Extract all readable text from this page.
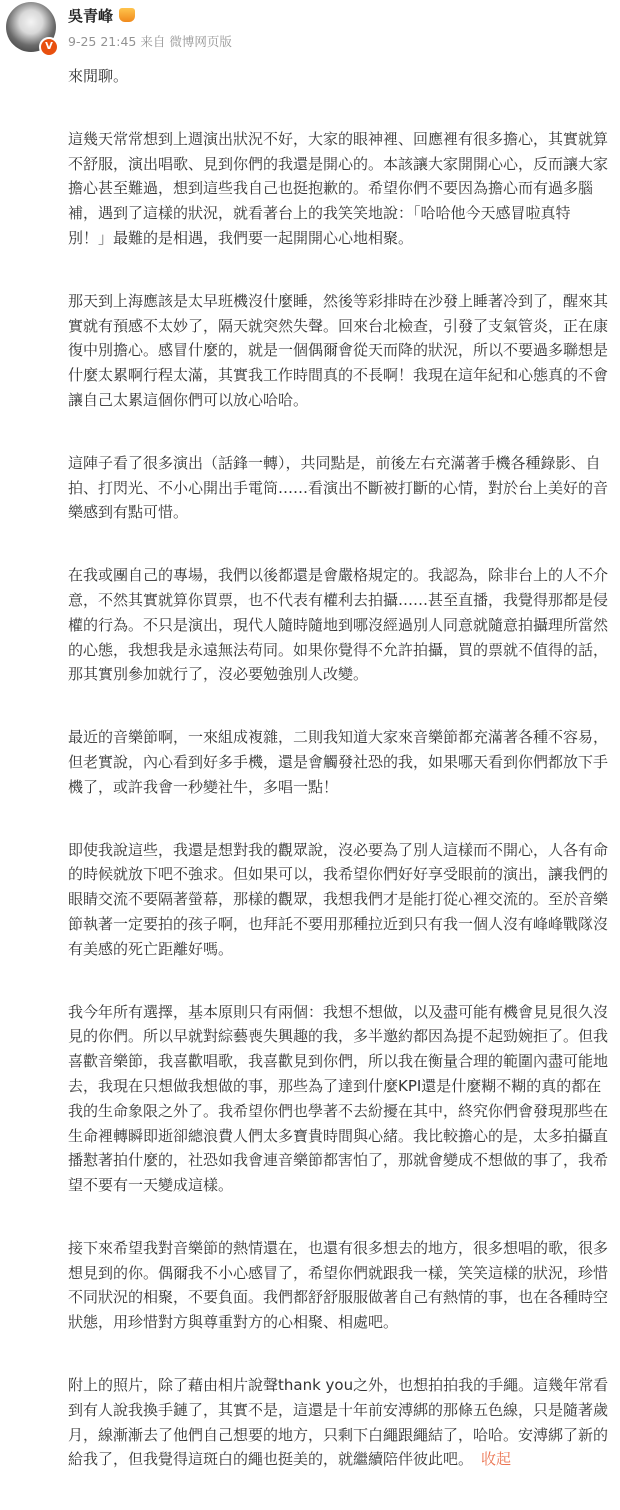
V
吳青峰
9-25 21:45 来自 微博网页版
來閒聊。
這幾天常常想到上週演出狀況不好，大家的眼神裡、回應裡有很多擔心，其實就算
不舒服，演出唱歌、見到你們的我還是開心的。本該讓大家開開心心，反而讓大家
擔心甚至難過，想到這些我自己也挺抱歉的。希望你們不要因為擔心而有過多腦
補，遇到了這樣的狀況，就看著台上的我笑笑地說：「哈哈他今天感冒啦真特
別！」最難的是相遇，我們要一起開開心心地相聚。
那天到上海應該是太早班機沒什麼睡，然後等彩排時在沙發上睡著冷到了，醒來其
實就有預感不太妙了，隔天就突然失聲。回來台北檢查，引發了支氣管炎，正在康
復中別擔心。感冒什麼的，就是一個偶爾會從天而降的狀況，所以不要過多聯想是
什麼太累啊行程太滿，其實我工作時間真的不長啊！我現在這年紀和心態真的不會
讓自己太累這個你們可以放心哈哈。
這陣子看了很多演出（話鋒一轉），共同點是，前後左右充滿著手機各種錄影、自
拍、打閃光、不小心開出手電筒……看演出不斷被打斷的心情，對於台上美好的音
樂感到有點可惜。
在我或團自己的專場，我們以後都還是會嚴格規定的。我認為，除非台上的人不介
意，不然其實就算你買票，也不代表有權利去拍攝……甚至直播，我覺得那都是侵
權的行為。不只是演出，現代人隨時隨地到哪沒經過別人同意就隨意拍攝理所當然
的心態，我想我是永遠無法苟同。如果你覺得不允許拍攝，買的票就不值得的話，
那其實別參加就行了，沒必要勉強別人改變。
最近的音樂節啊，一來組成複雜，二則我知道大家來音樂節都充滿著各種不容易，
但老實說，內心看到好多手機，還是會觸發社恐的我，如果哪天看到你們都放下手
機了，或許我會一秒變社牛，多唱一點！
即使我說這些，我還是想對我的觀眾說，沒必要為了別人這樣而不開心，人各有命
的時候就放下吧不強求。但如果可以，我希望你們好好享受眼前的演出，讓我們的
眼睛交流不要隔著螢幕，那樣的觀眾，我想我們才是能打從心裡交流的。至於音樂
節執著一定要拍的孩子啊，也拜託不要用那種拉近到只有我一個人沒有峰峰戰隊沒
有美感的死亡距離好嗎。
我今年所有選擇，基本原則只有兩個：我想不想做，以及盡可能有機會見見很久沒
見的你們。所以早就對綜藝喪失興趣的我，多半邀約都因為提不起勁婉拒了。但我
喜歡音樂節，我喜歡唱歌，我喜歡見到你們，所以我在衡量合理的範圍內盡可能地
去，我現在只想做我想做的事，那些為了達到什麼KPI還是什麼糊不糊的真的都在
我的生命象限之外了。我希望你們也學著不去紛擾在其中，終究你們會發現那些在
生命裡轉瞬即逝卻總浪費人們太多寶貴時間與心緒。我比較擔心的是，太多拍攝直
播懟著拍什麼的，社恐如我會連音樂節都害怕了，那就會變成不想做的事了，我希
望不要有一天變成這樣。
接下來希望我對音樂節的熱情還在，也還有很多想去的地方，很多想唱的歌，很多
想見到的你。偶爾我不小心感冒了，希望你們就跟我一樣，笑笑這樣的狀況，珍惜
不同狀況的相聚，不要負面。我們都舒舒服服做著自己有熱情的事，也在各種時空
狀態，用珍惜對方與尊重對方的心相聚、相處吧。
附上的照片，除了藉由相片說聲thank you之外，也想拍拍我的手繩。這幾年常看
到有人說我換手鏈了，其實不是，這還是十年前安溥綁的那條五色線，只是隨著歲
月，線漸漸去了他們自己想要的地方，只剩下白繩跟繩結了，哈哈。安溥綁了新的
給我了，但我覺得這斑白的繩也挺美的，就繼續陪伴彼此吧。 收起
